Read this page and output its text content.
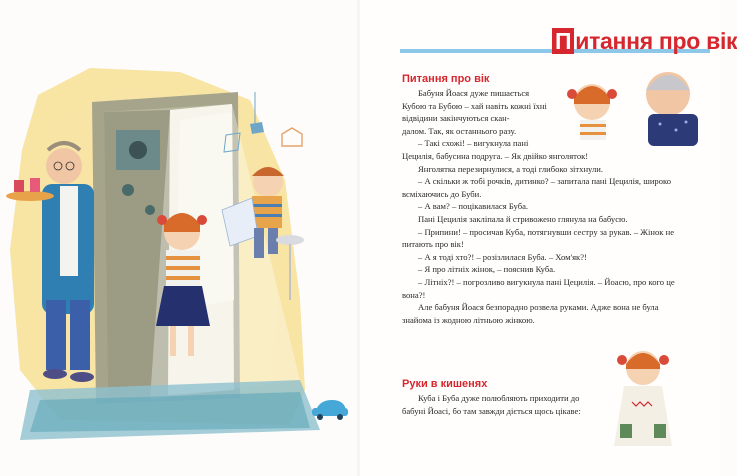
П итання про вік
Питання про вік

Бабуня Йоася дуже пишається Кубою та Бубою – хай навіть кожні їхні відвідини закінчуються скан-

далом. Так, як останнього разу.

– Такі схожі! – вигукнула пані

Цецилія, бабусина подруга. – Як двійко янголяток!

Янголятка перезирнулися, а тоді глибоко зітхнули.

– А скільки ж тобі рочків, дитинко? – запитала пані Цецилія, широко всміхаючись до Буби.

– А вам? – поцікавилася Буба.

Пані Цецилія закліпала й стривожено глянула на бабусю.

– Припини! – просичав Куба, потягнувши сестру за рукав. – Жінок не питають про вік!

– А я тоді хто?! – розізлилася Буба. – Хом'як?!

– Я про літніх жінок, – пояснив Куба.

– Літніх?! – погрозливо вигукнула пані Цецилія. – Йоасю, про кого це вона?!

Але бабуня Йоася безпорадно розвела руками. Адже вона не була знайома із жодною літньою жінкою.

Руки в кишенях

Куба і Буба дуже полюбляють приходити до бабуні Йоасі, бо там завжди діється щось цікаве:
